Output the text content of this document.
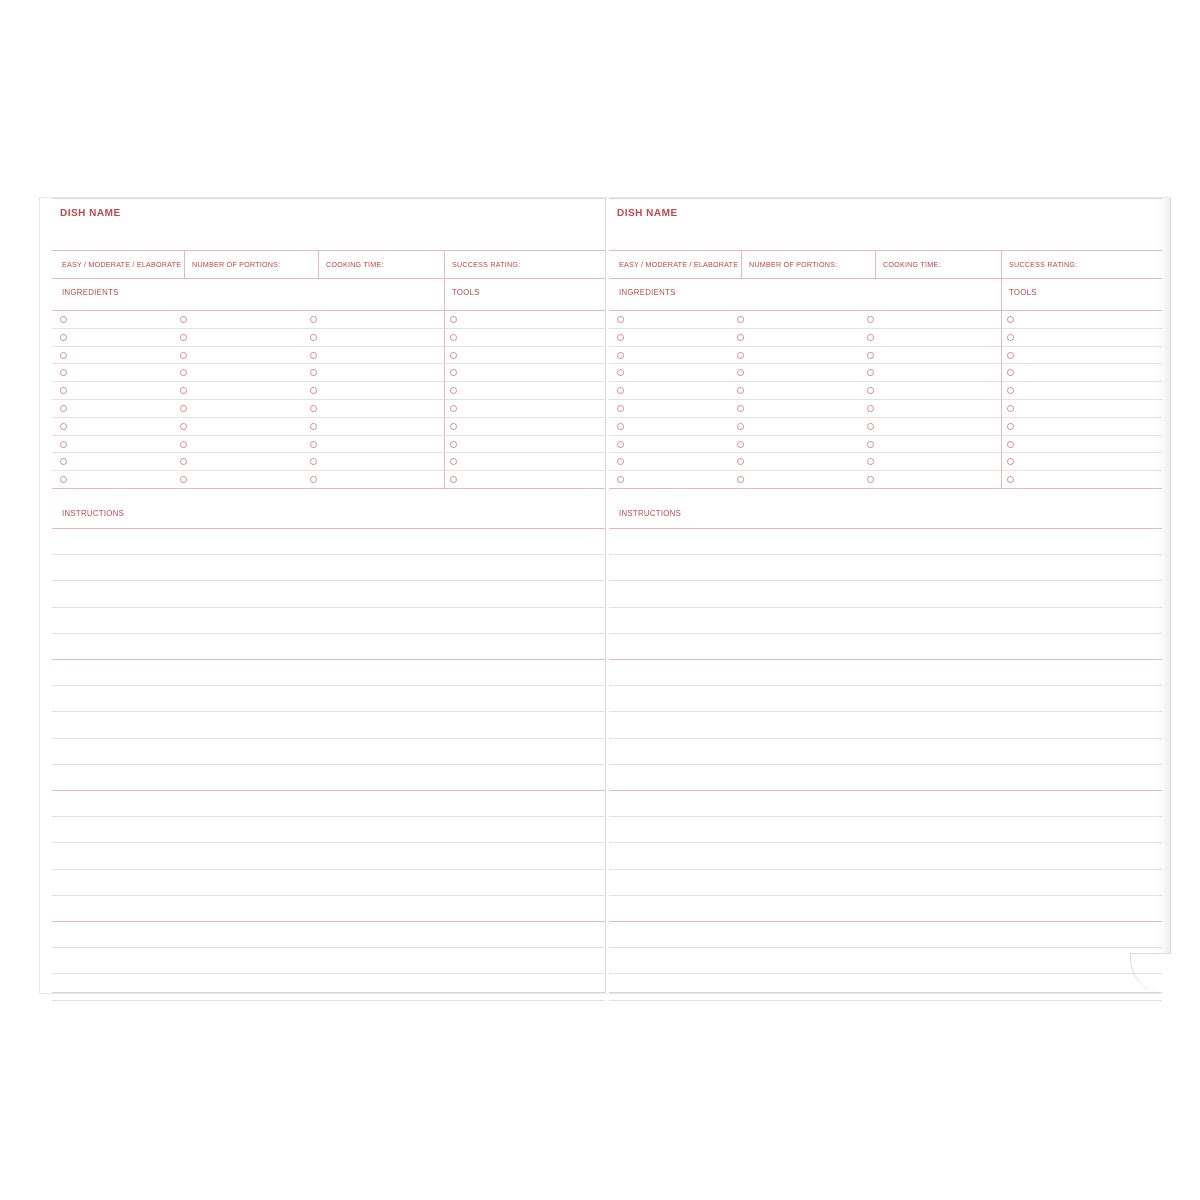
DISH NAME
EASY / MODERATE / ELABORATE NUMBER OF PORTIONS:	COOKING TIME:	SUCCESS RATING:
INGREDIENTS	TOOLS
INSTRUCTIONS
DISH NAME
EASY / MODERATE / ELABORATE NUMBER OF PORTIONS:	COOKING TIME:	SUCCESS RATING:
INGREDIENTS	TOOLS
INSTRUCTIONS
